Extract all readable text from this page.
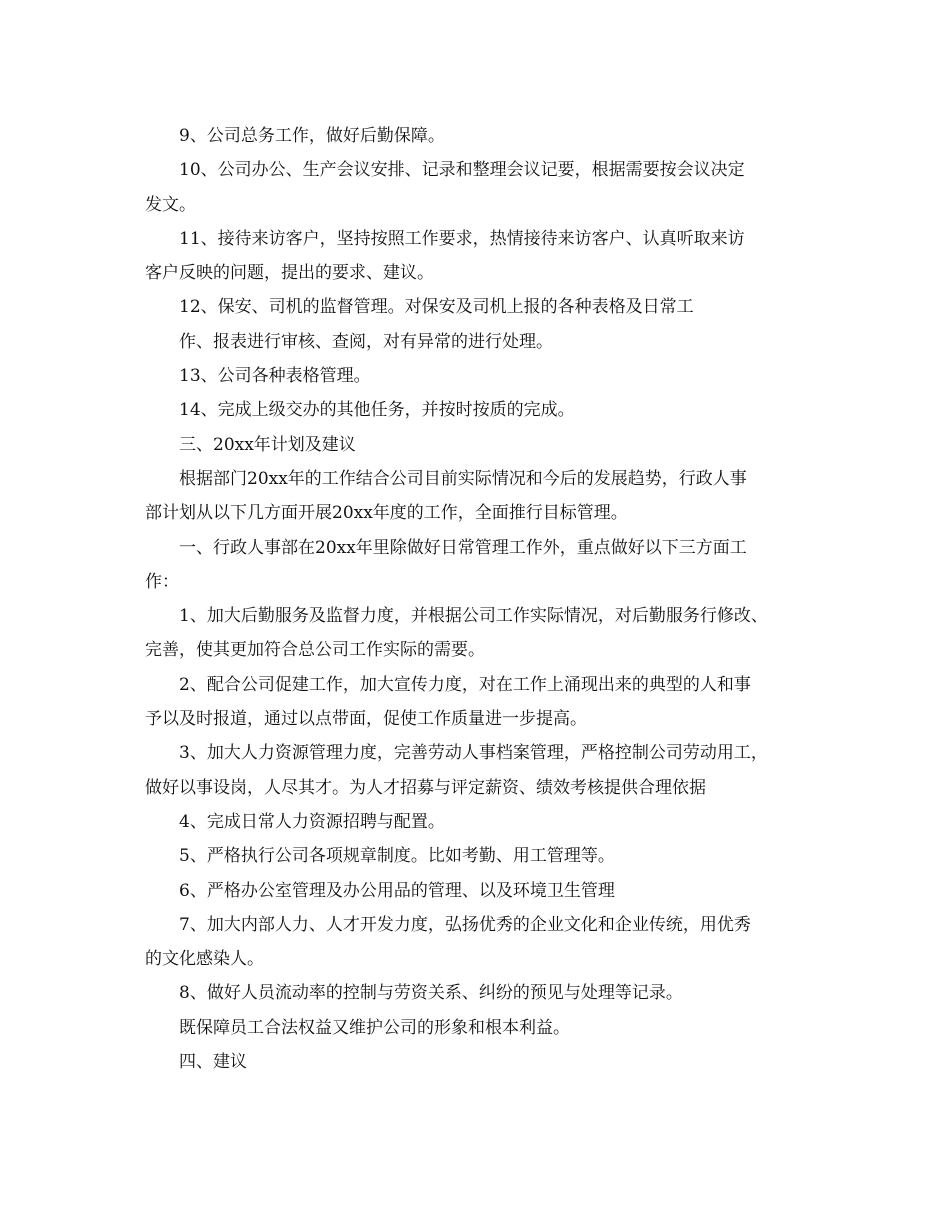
9、公司总务工作，做好后勤保障。
10、公司办公、生产会议安排、记录和整理会议记要，根据需要按会议决定
发文。
11、接待来访客户，坚持按照工作要求，热情接待来访客户、认真听取来访
客户反映的问题，提出的要求、建议。
12、保安、司机的监督管理。对保安及司机上报的各种表格及日常工
作、报表进行审核、查阅，对有异常的进行处理。
13、公司各种表格管理。
14、完成上级交办的其他任务，并按时按质的完成。
三、20xx年计划及建议
根据部门20xx年的工作结合公司目前实际情况和今后的发展趋势，行政人事
部计划从以下几方面开展20xx年度的工作，全面推行目标管理。
一、行政人事部在20xx年里除做好日常管理工作外，重点做好以下三方面工
作：
1、加大后勤服务及监督力度，并根据公司工作实际情况，对后勤服务行修改、
完善，使其更加符合总公司工作实际的需要。
2、配合公司促建工作，加大宣传力度，对在工作上涌现出来的典型的人和事
予以及时报道，通过以点带面，促使工作质量进一步提高。
3、加大人力资源管理力度，完善劳动人事档案管理，严格控制公司劳动用工，
做好以事设岗，人尽其才。为人才招募与评定薪资、绩效考核提供合理依据
4、完成日常人力资源招聘与配置。
5、严格执行公司各项规章制度。比如考勤、用工管理等。
6、严格办公室管理及办公用品的管理、以及环境卫生管理
7、加大内部人力、人才开发力度，弘扬优秀的企业文化和企业传统，用优秀
的文化感染人。
8、做好人员流动率的控制与劳资关系、纠纷的预见与处理等记录。
既保障员工合法权益又维护公司的形象和根本利益。
四、建议
